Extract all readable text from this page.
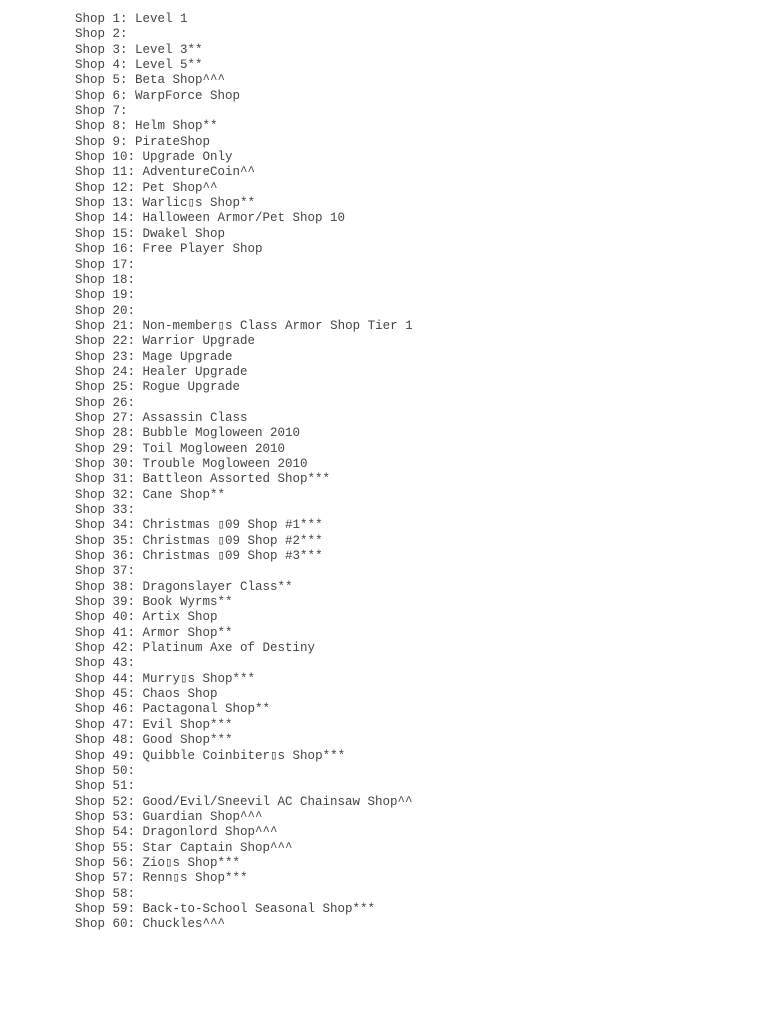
Shop 1: Level 1
Shop 2:
Shop 3: Level 3**
Shop 4: Level 5**
Shop 5: Beta Shop^^^
Shop 6: WarpForce Shop
Shop 7:
Shop 8: Helm Shop**
Shop 9: PirateShop
Shop 10: Upgrade Only
Shop 11: AdventureCoin^^
Shop 12: Pet Shop^^
Shop 13: Warlic▯s Shop**
Shop 14: Halloween Armor/Pet Shop 10
Shop 15: Dwakel Shop
Shop 16: Free Player Shop
Shop 17:
Shop 18:
Shop 19:
Shop 20:
Shop 21: Non-member▯s Class Armor Shop Tier 1
Shop 22: Warrior Upgrade
Shop 23: Mage Upgrade
Shop 24: Healer Upgrade
Shop 25: Rogue Upgrade
Shop 26:
Shop 27: Assassin Class
Shop 28: Bubble Mogloween 2010
Shop 29: Toil Mogloween 2010
Shop 30: Trouble Mogloween 2010
Shop 31: Battleon Assorted Shop***
Shop 32: Cane Shop**
Shop 33:
Shop 34: Christmas ▯09 Shop #1***
Shop 35: Christmas ▯09 Shop #2***
Shop 36: Christmas ▯09 Shop #3***
Shop 37:
Shop 38: Dragonslayer Class**
Shop 39: Book Wyrms**
Shop 40: Artix Shop
Shop 41: Armor Shop**
Shop 42: Platinum Axe of Destiny
Shop 43:
Shop 44: Murry▯s Shop***
Shop 45: Chaos Shop
Shop 46: Pactagonal Shop**
Shop 47: Evil Shop***
Shop 48: Good Shop***
Shop 49: Quibble Coinbiter▯s Shop***
Shop 50:
Shop 51:
Shop 52: Good/Evil/Sneevil AC Chainsaw Shop^^
Shop 53: Guardian Shop^^^
Shop 54: Dragonlord Shop^^^
Shop 55: Star Captain Shop^^^
Shop 56: Zio▯s Shop***
Shop 57: Renn▯s Shop***
Shop 58:
Shop 59: Back-to-School Seasonal Shop***
Shop 60: Chuckles^^^
